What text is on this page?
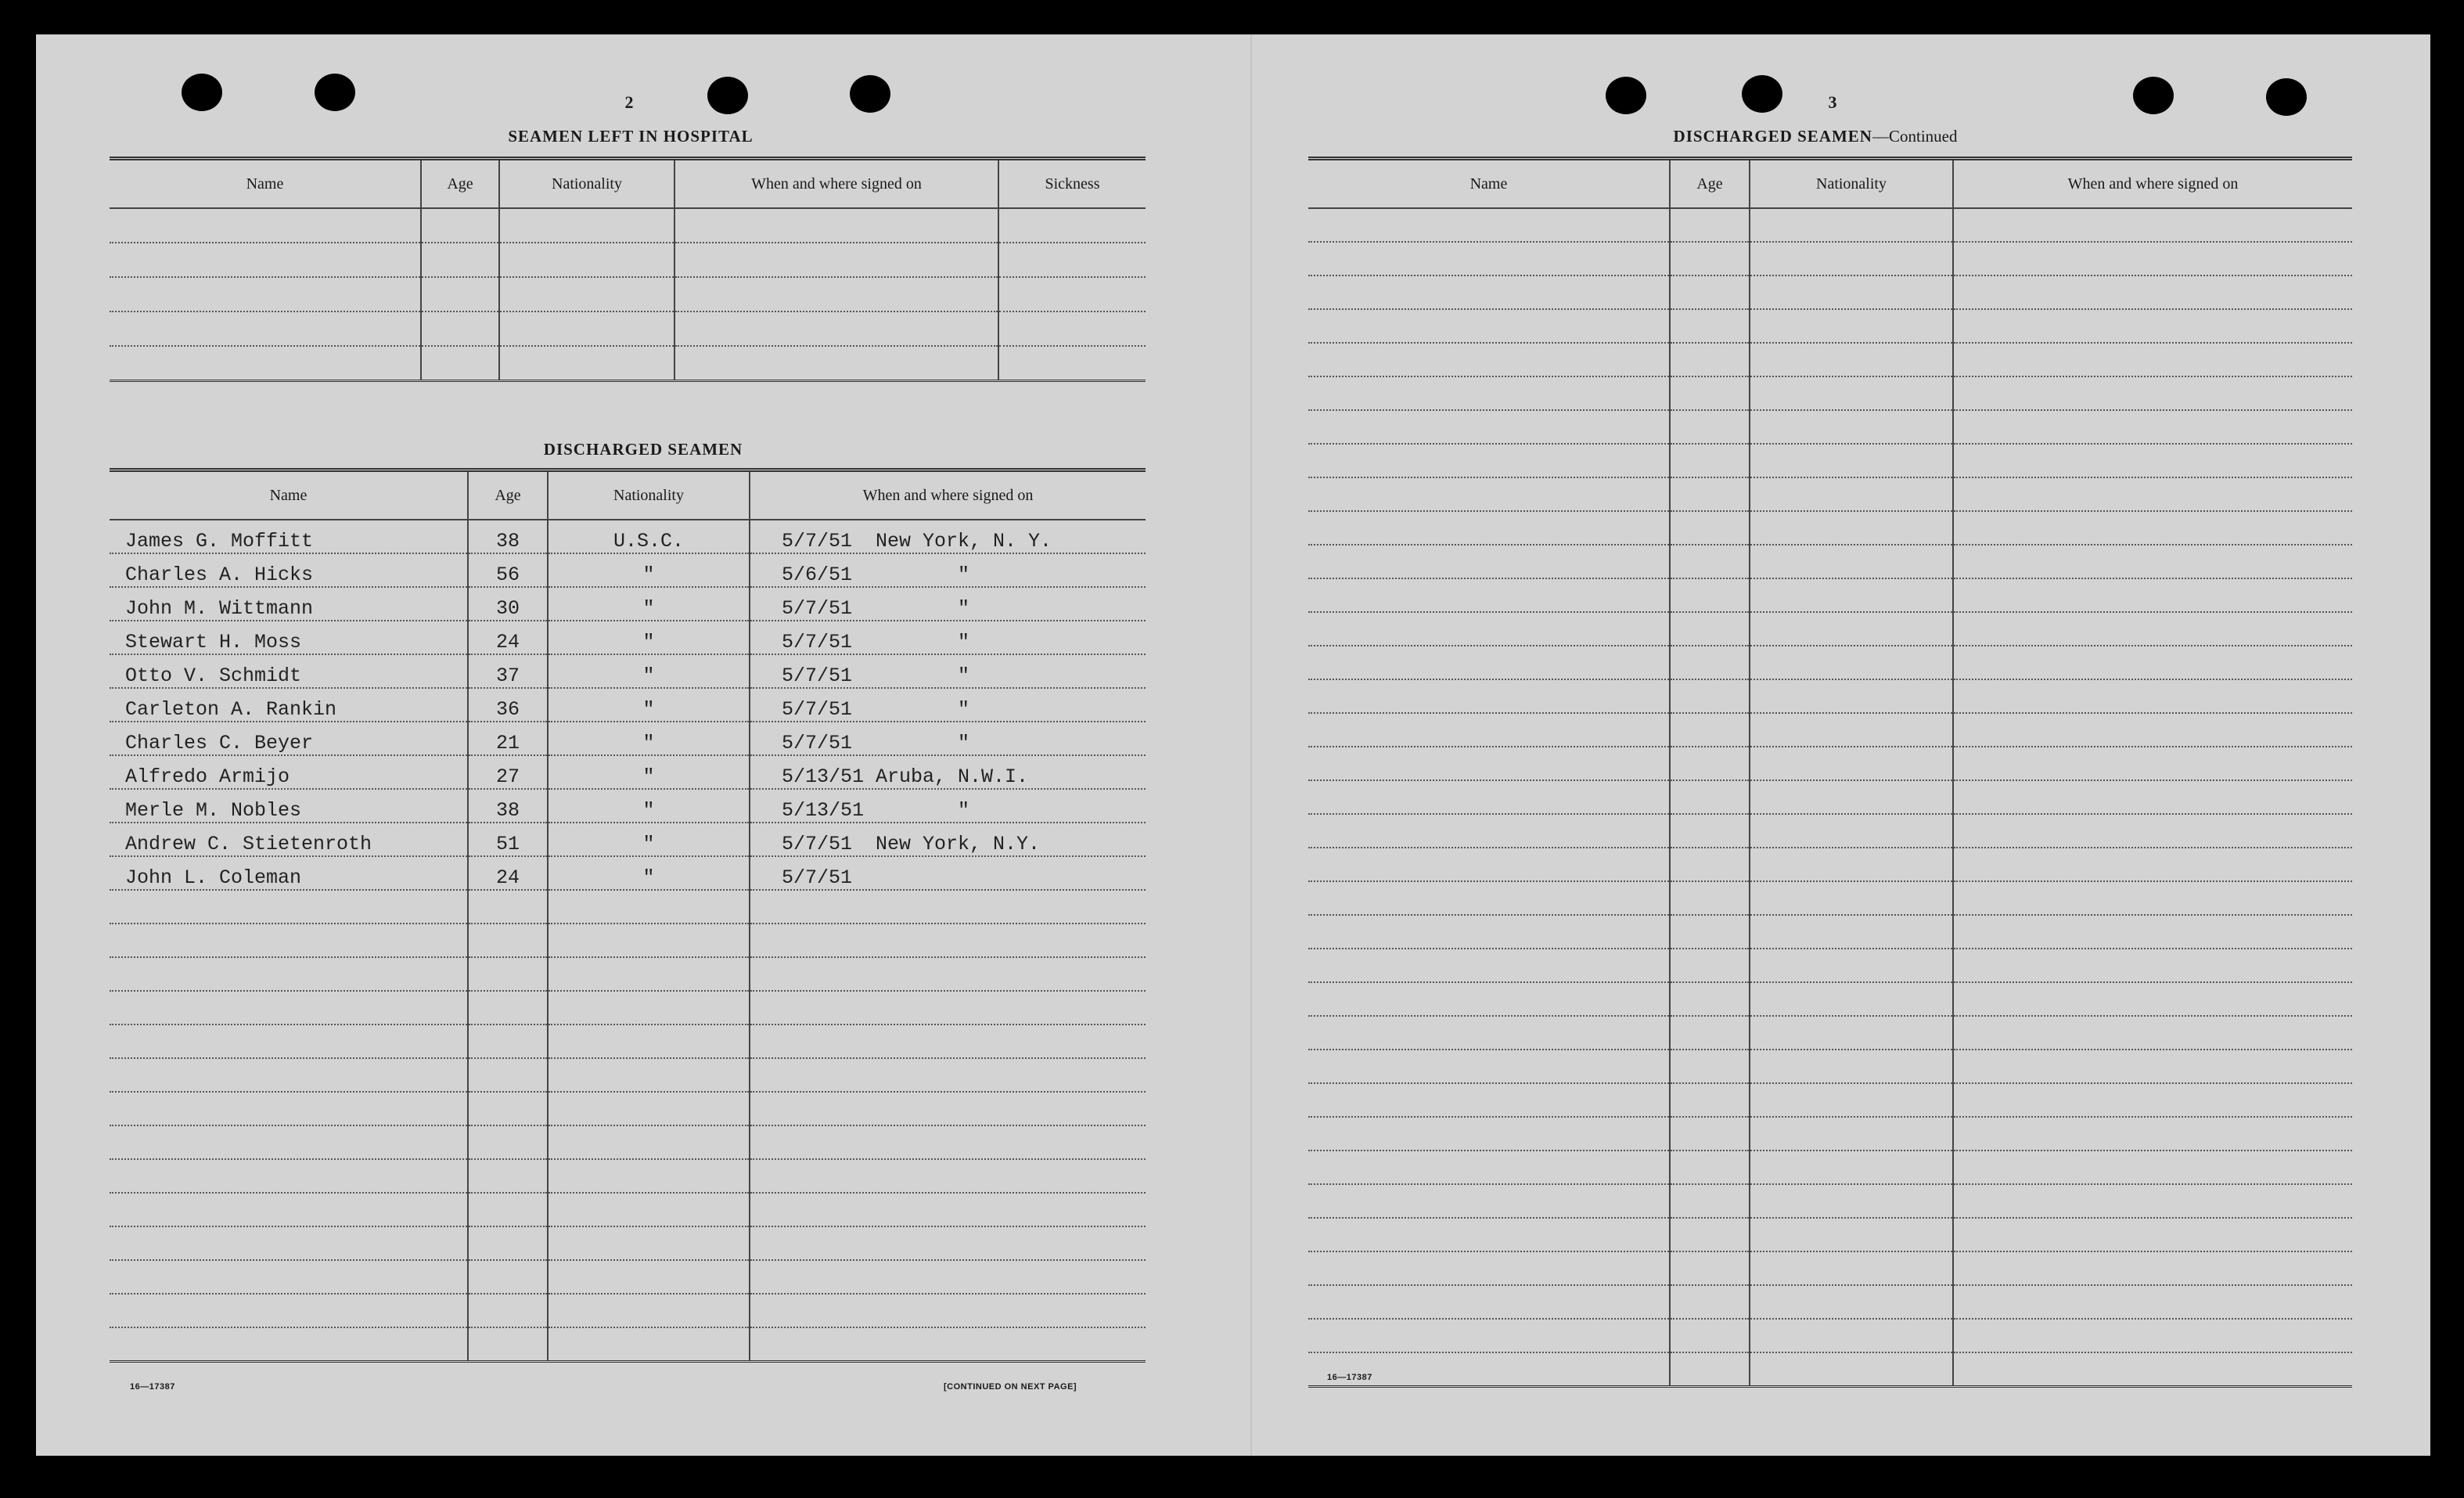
2
SEAMEN LEFT IN HOSPITAL
Name	Age	Nationality	When and where signed on	Sickness

DISCHARGED SEAMEN
Name	Age	Nationality	When and where signed on
James G. Moffitt	38	U.S.C.	5/7/51  New York, N. Y.
Charles A. Hicks	56	"	5/6/51         "
John M. Wittmann	30	"	5/7/51         "
Stewart H. Moss	24	"	5/7/51         "
Otto V. Schmidt	37	"	5/7/51         "
Carleton A. Rankin	36	"	5/7/51         "
Charles C. Beyer	21	"	5/7/51         "
Alfredo Armijo	27	"	5/13/51 Aruba, N.W.I.
Merle M. Nobles	38	"	5/13/51        "
Andrew C. Stietenroth	51	"	5/7/51  New York, N.Y.
John L. Coleman	24	"	5/7/51

16—17387	[CONTINUED ON NEXT PAGE]
3
DISCHARGED SEAMEN—Continued
Name	Age	Nationality	When and where signed on

16—17387
